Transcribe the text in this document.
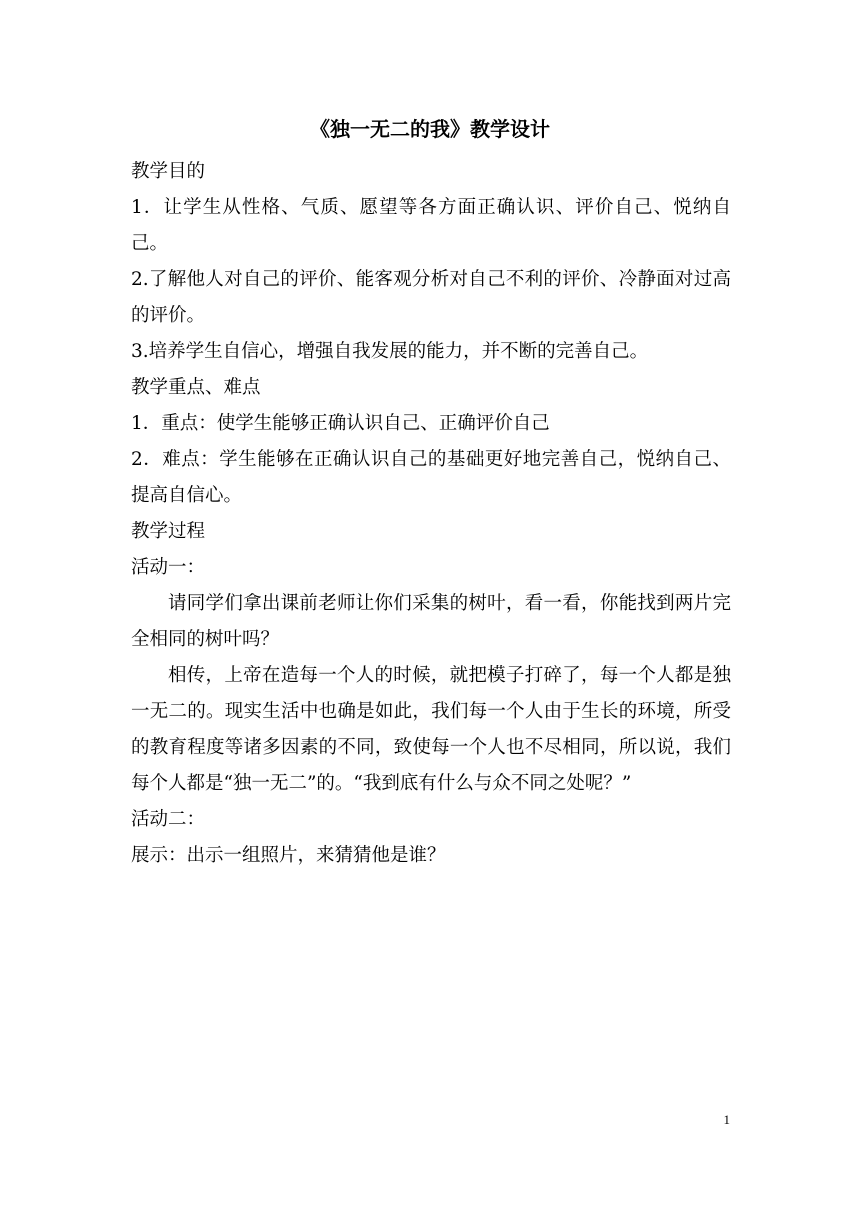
《独一无二的我》教学设计

教学目的

1．让学生从性格、气质、愿望等各方面正确认识、评价自己、悦纳自己。

2.了解他人对自己的评价、能客观分析对自己不利的评价、冷静面对过高的评价。

3.培养学生自信心，增强自我发展的能力，并不断的完善自己。

教学重点、难点

1．重点：使学生能够正确认识自己、正确评价自己

2．难点：学生能够在正确认识自己的基础更好地完善自己，悦纳自己、提高自信心。

教学过程

活动一：

请同学们拿出课前老师让你们采集的树叶，看一看，你能找到两片完全相同的树叶吗？

相传，上帝在造每一个人的时候，就把模子打碎了，每一个人都是独一无二的。现实生活中也确是如此，我们每一个人由于生长的环境，所受的教育程度等诸多因素的不同，致使每一个人也不尽相同，所以说，我们每个人都是“独一无二”的。“我到底有什么与众不同之处呢？”

活动二：

展示：出示一组照片，来猜猜他是谁？

1
